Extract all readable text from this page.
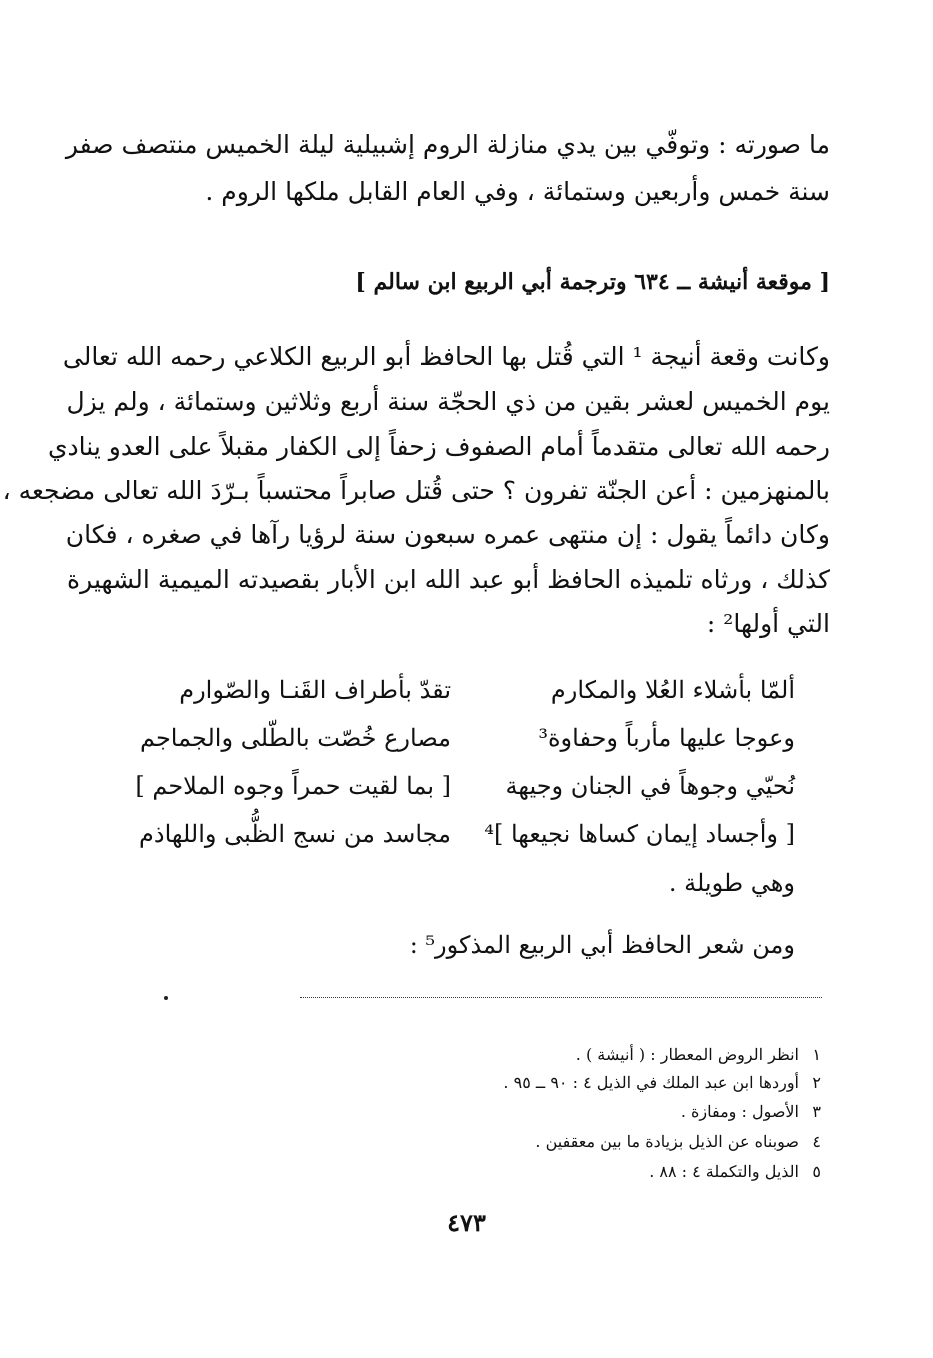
ما صورته : وتوفّي بين يدي منازلة الروم إشبيلية ليلة الخميس منتصف صفر
سنة خمس وأربعين وستمائة ، وفي العام القابل ملكها الروم .
[ موقعة أنيشة ــ ٦٣٤ وترجمة أبي الربيع ابن سالم ]
وكانت وقعة أنيجة ¹ التي قُتل بها الحافظ أبو الربيع الكلاعي رحمه الله تعالى
يوم الخميس لعشر بقين من ذي الحجّة سنة أربع وثلاثين وستمائة ، ولم يزل
رحمه الله تعالى متقدماً أمام الصفوف زحفاً إلى الكفار مقبلاً على العدو ينادي
بالمنهزمين : أعن الجنّة تفرون ؟ حتى قُتل صابراً محتسباً بـرّدَ الله تعالى مضجعه ،
وكان دائماً يقول : إن منتهى عمره سبعون سنة لرؤيا رآها في صغره ، فكان
كذلك ، ورثاه تلميذه الحافظ أبو عبد الله ابن الأبار بقصيدته الميمية الشهيرة
التي أولها² :
ألمّا بأشلاء العُلا والمكارم
تقدّ بأطراف القَنـا والصّوارم
وعوجا عليها مأرباً وحفاوة³
مصارع خُصّت بالطّلى والجماجم
نُحيّي وجوهاً في الجنان وجيهة
[ بما لقيت حمراً وجوه الملاحم ]
[ وأجساد إيمان كساها نجيعها ]⁴
مجاسد من نسج الظُّبى واللهاذم
وهي طويلة .
ومن شعر الحافظ أبي الربيع المذكور⁵ :
١انظر الروض المعطار : ( أنيشة ) .
٢أوردها ابن عبد الملك في الذيل ٤ : ٩٠ ــ ٩٥ .
٣الأصول : ومفازة .
٤صوبناه عن الذيل بزيادة ما بين معقفين .
٥الذيل والتكملة ٤ : ٨٨ .
٤٧٣
